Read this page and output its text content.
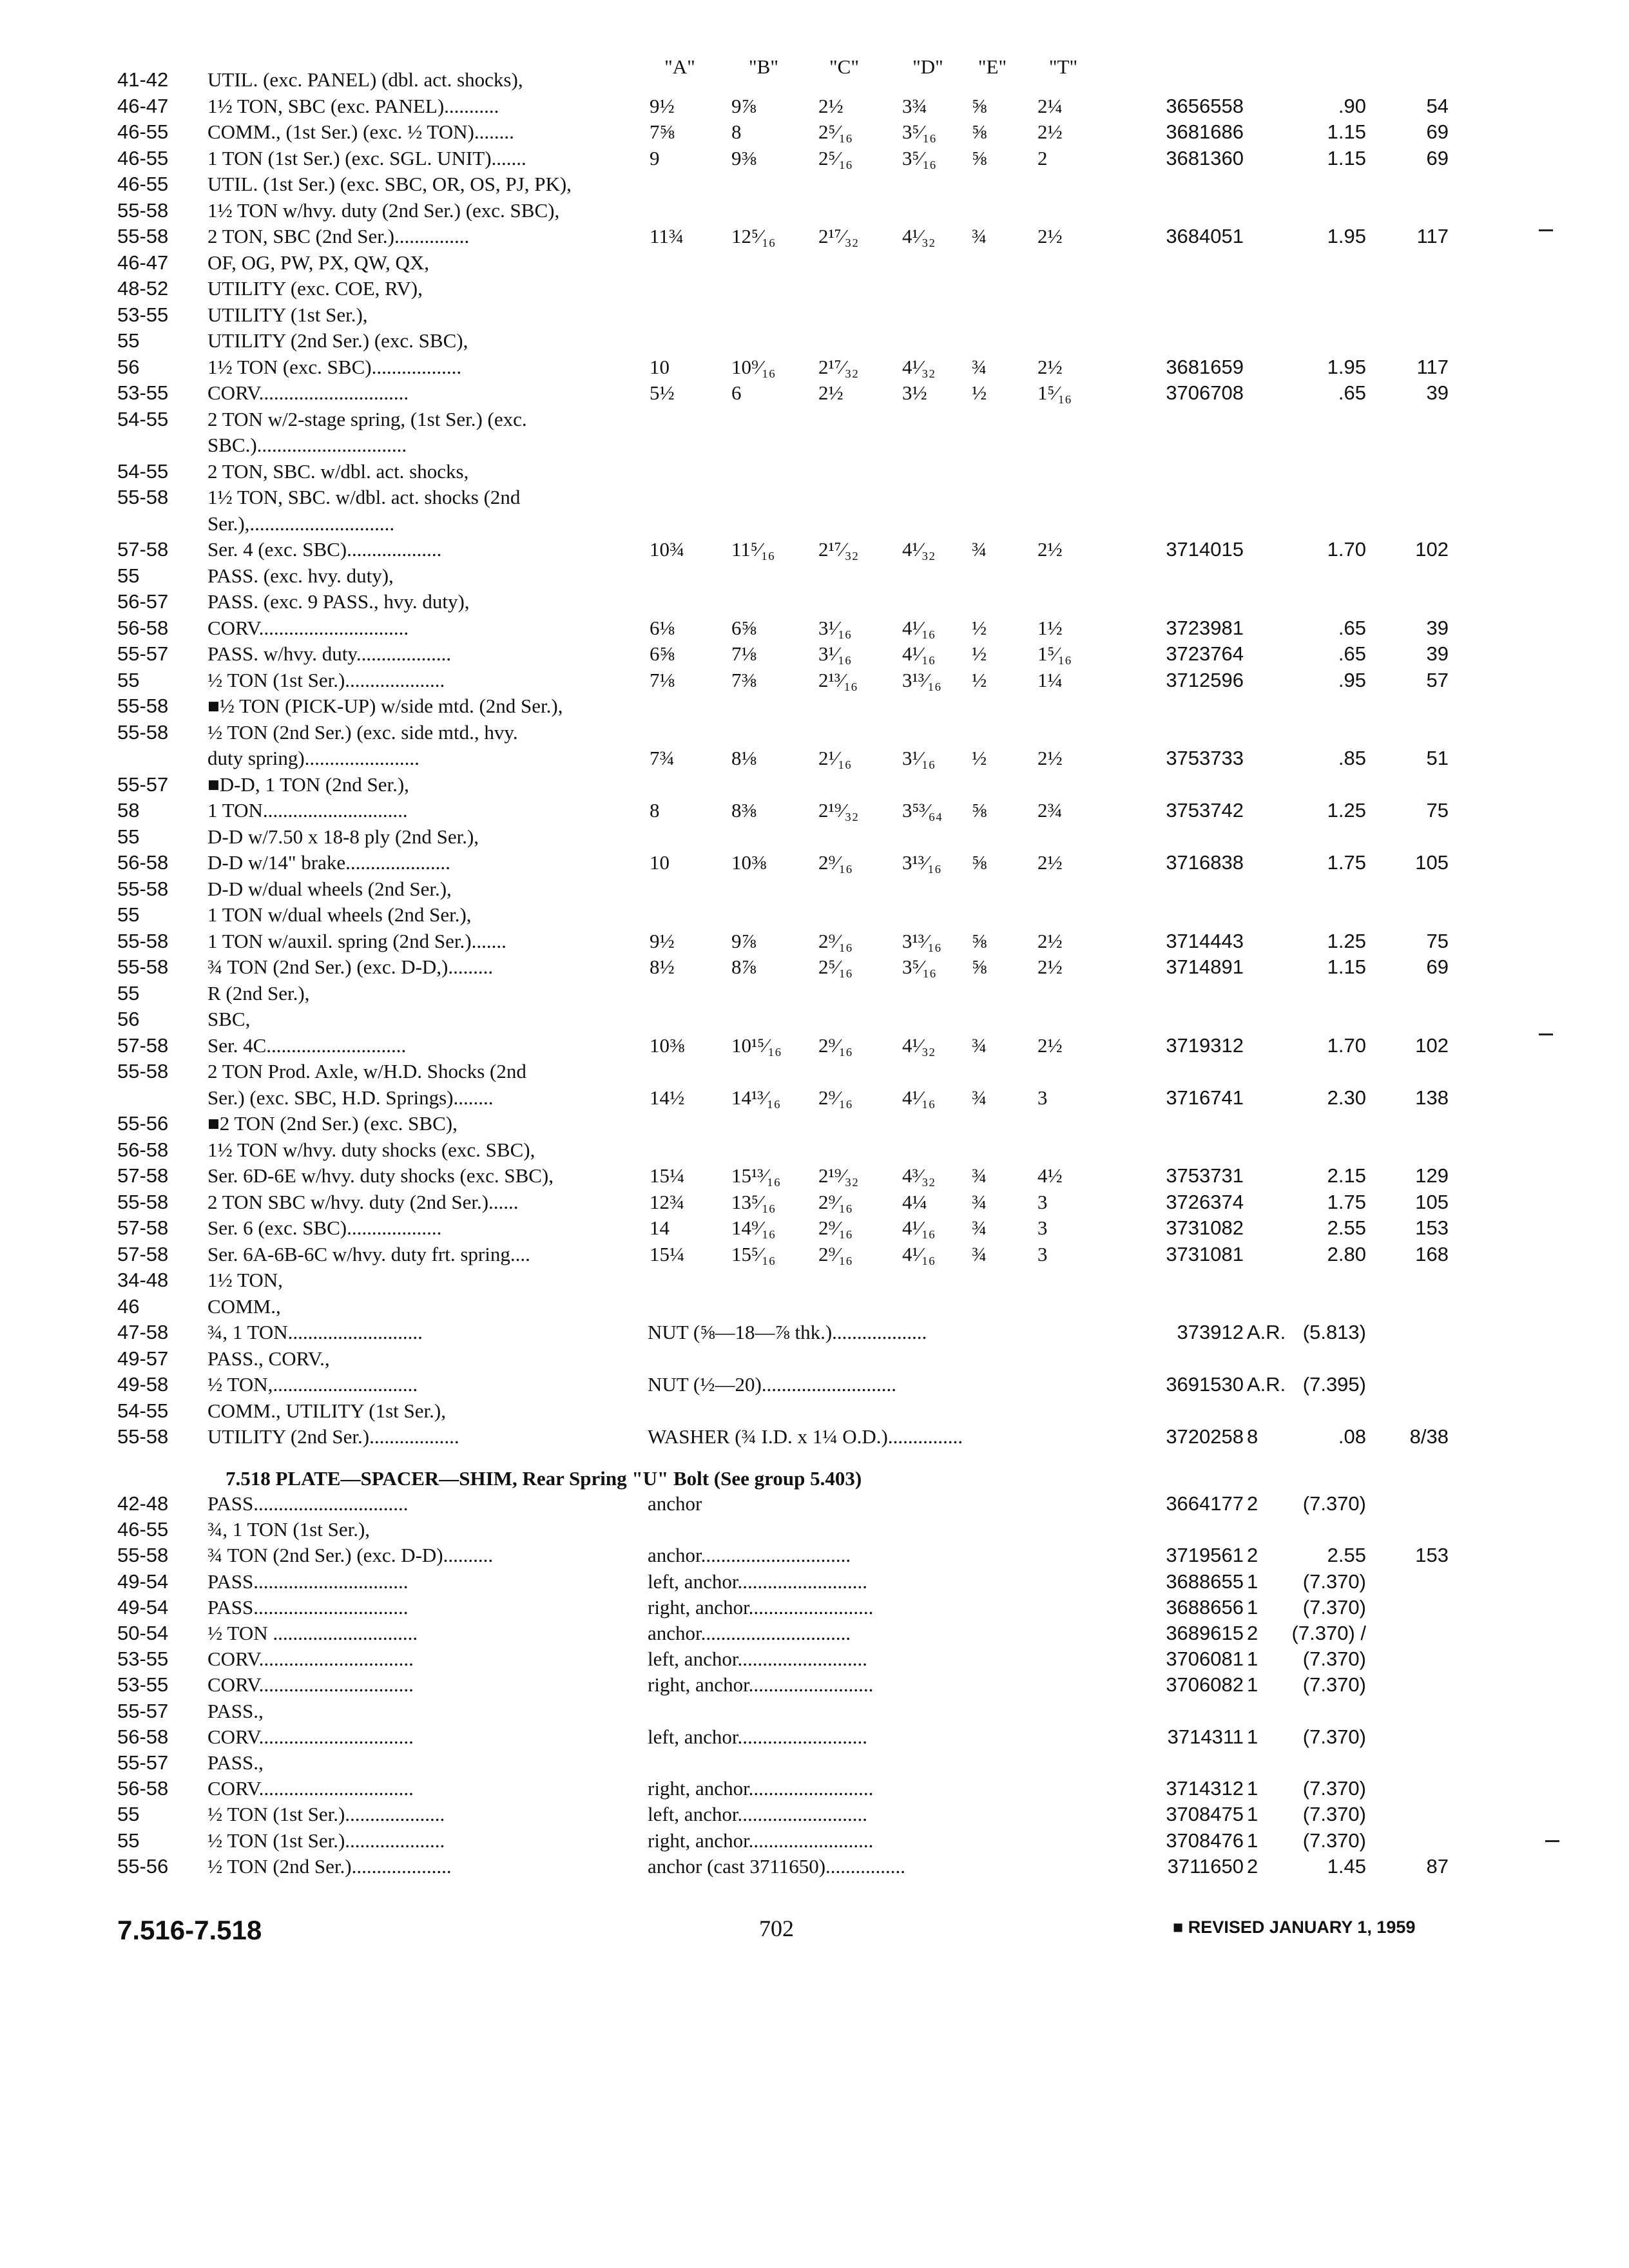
"A"	"B"	"C"	"D"	"E"	"T"
41-42	UTIL. (exc. PANEL) (dbl. act. shocks),
46-47	1½ TON, SBC (exc. PANEL)...........	9½	9⅞	2½	3¾	⅝	2¼	3656558	.90	54
46-55	COMM., (1st Ser.) (exc. ½ TON)........	7⅝	8	2⁵⁄₁₆	3⁵⁄₁₆	⅝	2½	3681686	1.15	69
46-55	1 TON (1st Ser.) (exc. SGL. UNIT).......	9	9⅜	2⁵⁄₁₆	3⁵⁄₁₆	⅝	2	3681360	1.15	69
46-55	UTIL. (1st Ser.) (exc. SBC, OR, OS, PJ, PK),
55-58	1½ TON w/hvy. duty (2nd Ser.) (exc. SBC),
55-58	2 TON, SBC (2nd Ser.)...............	11¾	12⁵⁄₁₆	2¹⁷⁄₃₂	4¹⁄₃₂	¾	2½	3684051	1.95	117
46-47	OF, OG, PW, PX, QW, QX,
48-52	UTILITY (exc. COE, RV),
53-55	UTILITY (1st Ser.),
55	UTILITY (2nd Ser.) (exc. SBC),
56	1½ TON (exc. SBC)..................	10	10⁹⁄₁₆	2¹⁷⁄₃₂	4¹⁄₃₂	¾	2½	3681659	1.95	117
53-55	CORV..............................	5½	6	2½	3½	½	1⁵⁄₁₆	3706708	.65	39
54-55	2 TON w/2-stage spring, (1st Ser.) (exc.
SBC.)..............................
54-55	2 TON, SBC. w/dbl. act. shocks,
55-58	1½ TON, SBC. w/dbl. act. shocks (2nd
Ser.),.............................
57-58	Ser. 4 (exc. SBC)...................	10¾	11⁵⁄₁₆	2¹⁷⁄₃₂	4¹⁄₃₂	¾	2½	3714015	1.70	102
55	PASS. (exc. hvy. duty),
56-57	PASS. (exc. 9 PASS., hvy. duty),
56-58	CORV..............................	6⅛	6⅝	3¹⁄₁₆	4¹⁄₁₆	½	1½	3723981	.65	39
55-57	PASS. w/hvy. duty...................	6⅝	7⅛	3¹⁄₁₆	4¹⁄₁₆	½	1⁵⁄₁₆	3723764	.65	39
55	½ TON (1st Ser.)....................	7⅛	7⅜	2¹³⁄₁₆	3¹³⁄₁₆	½	1¼	3712596	.95	57
55-58	■½ TON (PICK-UP) w/side mtd. (2nd Ser.),
55-58	½ TON (2nd Ser.) (exc. side mtd., hvy.
duty spring).......................	7¾	8⅛	2¹⁄₁₆	3¹⁄₁₆	½	2½	3753733	.85	51
55-57	■D-D, 1 TON (2nd Ser.),
58	1 TON.............................	8	8⅜	2¹⁹⁄₃₂	3⁵³⁄₆₄	⅝	2¾	3753742	1.25	75
55	D-D w/7.50 x 18-8 ply (2nd Ser.),
56-58	D-D w/14" brake.....................	10	10⅜	2⁹⁄₁₆	3¹³⁄₁₆	⅝	2½	3716838	1.75	105
55-58	D-D w/dual wheels (2nd Ser.),
55	1 TON w/dual wheels (2nd Ser.),
55-58	1 TON w/auxil. spring (2nd Ser.).......	9½	9⅞	2⁹⁄₁₆	3¹³⁄₁₆	⅝	2½	3714443	1.25	75
55-58	¾ TON (2nd Ser.) (exc. D-D,).........	8½	8⅞	2⁵⁄₁₆	3⁵⁄₁₆	⅝	2½	3714891	1.15	69
55	R (2nd Ser.),
56	SBC,
57-58	Ser. 4C............................	10⅜	10¹⁵⁄₁₆	2⁹⁄₁₆	4¹⁄₃₂	¾	2½	3719312	1.70	102
55-58	2 TON Prod. Axle, w/H.D. Shocks (2nd
Ser.) (exc. SBC, H.D. Springs)........	14½	14¹³⁄₁₆	2⁹⁄₁₆	4¹⁄₁₆	¾	3	3716741	2.30	138
55-56	■2 TON (2nd Ser.) (exc. SBC),
56-58	1½ TON w/hvy. duty shocks (exc. SBC),
57-58	Ser. 6D-6E w/hvy. duty shocks (exc. SBC),	15¼	15¹³⁄₁₆	2¹⁹⁄₃₂	4³⁄₃₂	¾	4½	3753731	2.15	129
55-58	2 TON SBC w/hvy. duty (2nd Ser.)......	12¾	13⁵⁄₁₆	2⁹⁄₁₆	4¼	¾	3	3726374	1.75	105
57-58	Ser. 6 (exc. SBC)...................	14	14⁹⁄₁₆	2⁹⁄₁₆	4¹⁄₁₆	¾	3	3731082	2.55	153
57-58	Ser. 6A-6B-6C w/hvy. duty frt. spring....	15¼	15⁵⁄₁₆	2⁹⁄₁₆	4¹⁄₁₆	¾	3	3731081	2.80	168
34-48	1½ TON,
46	COMM.,
47-58	¾, 1 TON...........................	NUT (⅝—18—⅞ thk.)...................	373912 A.R. (5.813)
49-57	PASS., CORV.,
49-58	½ TON,.............................	NUT (½—20)...........................	3691530 A.R. (7.395)
54-55	COMM., UTILITY (1st Ser.),
55-58	UTILITY (2nd Ser.)..................	WASHER (¾ I.D. x 1¼ O.D.)...............	3720258 8	.08	8/38
7.518 PLATE—SPACER—SHIM, Rear Spring "U" Bolt (See group 5.403)
42-48	PASS...............................	anchor	3664177 2	(7.370)
46-55	¾, 1 TON (1st Ser.),
55-58	¾ TON (2nd Ser.) (exc. D-D)..........	anchor..............................	3719561 2	2.55	153
49-54	PASS...............................	left, anchor..........................	3688655 1	(7.370)
49-54	PASS...............................	right, anchor.........................	3688656 1	(7.370)
50-54	½ TON .............................	anchor..............................	3689615 2	(7.370) /
53-55	CORV...............................	left, anchor..........................	3706081 1	(7.370)
53-55	CORV...............................	right, anchor.........................	3706082 1	(7.370)
55-57	PASS.,
56-58	CORV...............................	left, anchor..........................	3714311 1	(7.370)
55-57	PASS.,
56-58	CORV...............................	right, anchor.........................	3714312 1	(7.370)
55	½ TON (1st Ser.)....................	left, anchor..........................	3708475 1	(7.370)
55	½ TON (1st Ser.)....................	right, anchor.........................	3708476 1	(7.370)
55-56	½ TON (2nd Ser.)....................	anchor (cast 3711650)................	3711650 2	1.45	87
7.516-7.518	702	■ REVISED JANUARY 1, 1959
